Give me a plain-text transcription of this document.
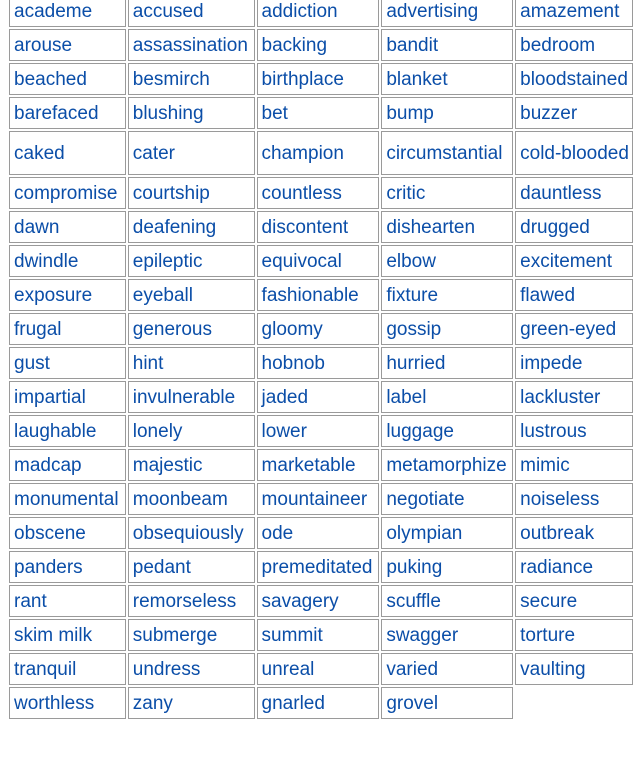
academe	accused	addiction	advertising	amazement
arouse	assassination	backing	bandit	bedroom
beached	besmirch	birthplace	blanket	bloodstained
barefaced	blushing	bet	bump	buzzer
caked	cater	champion	circumstantial	cold-blooded
compromise	courtship	countless	critic	dauntless
dawn	deafening	discontent	dishearten	drugged
dwindle	epileptic	equivocal	elbow	excitement
exposure	eyeball	fashionable	fixture	flawed
frugal	generous	gloomy	gossip	green-eyed
gust	hint	hobnob	hurried	impede
impartial	invulnerable	jaded	label	lackluster
laughable	lonely	lower	luggage	lustrous
madcap	majestic	marketable	metamorphize	mimic
monumental	moonbeam	mountaineer	negotiate	noiseless
obscene	obsequiously	ode	olympian	outbreak
panders	pedant	premeditated	puking	radiance
rant	remorseless	savagery	scuffle	secure
skim milk	submerge	summit	swagger	torture
tranquil	undress	unreal	varied	vaulting
worthless	zany	gnarled	grovel	
